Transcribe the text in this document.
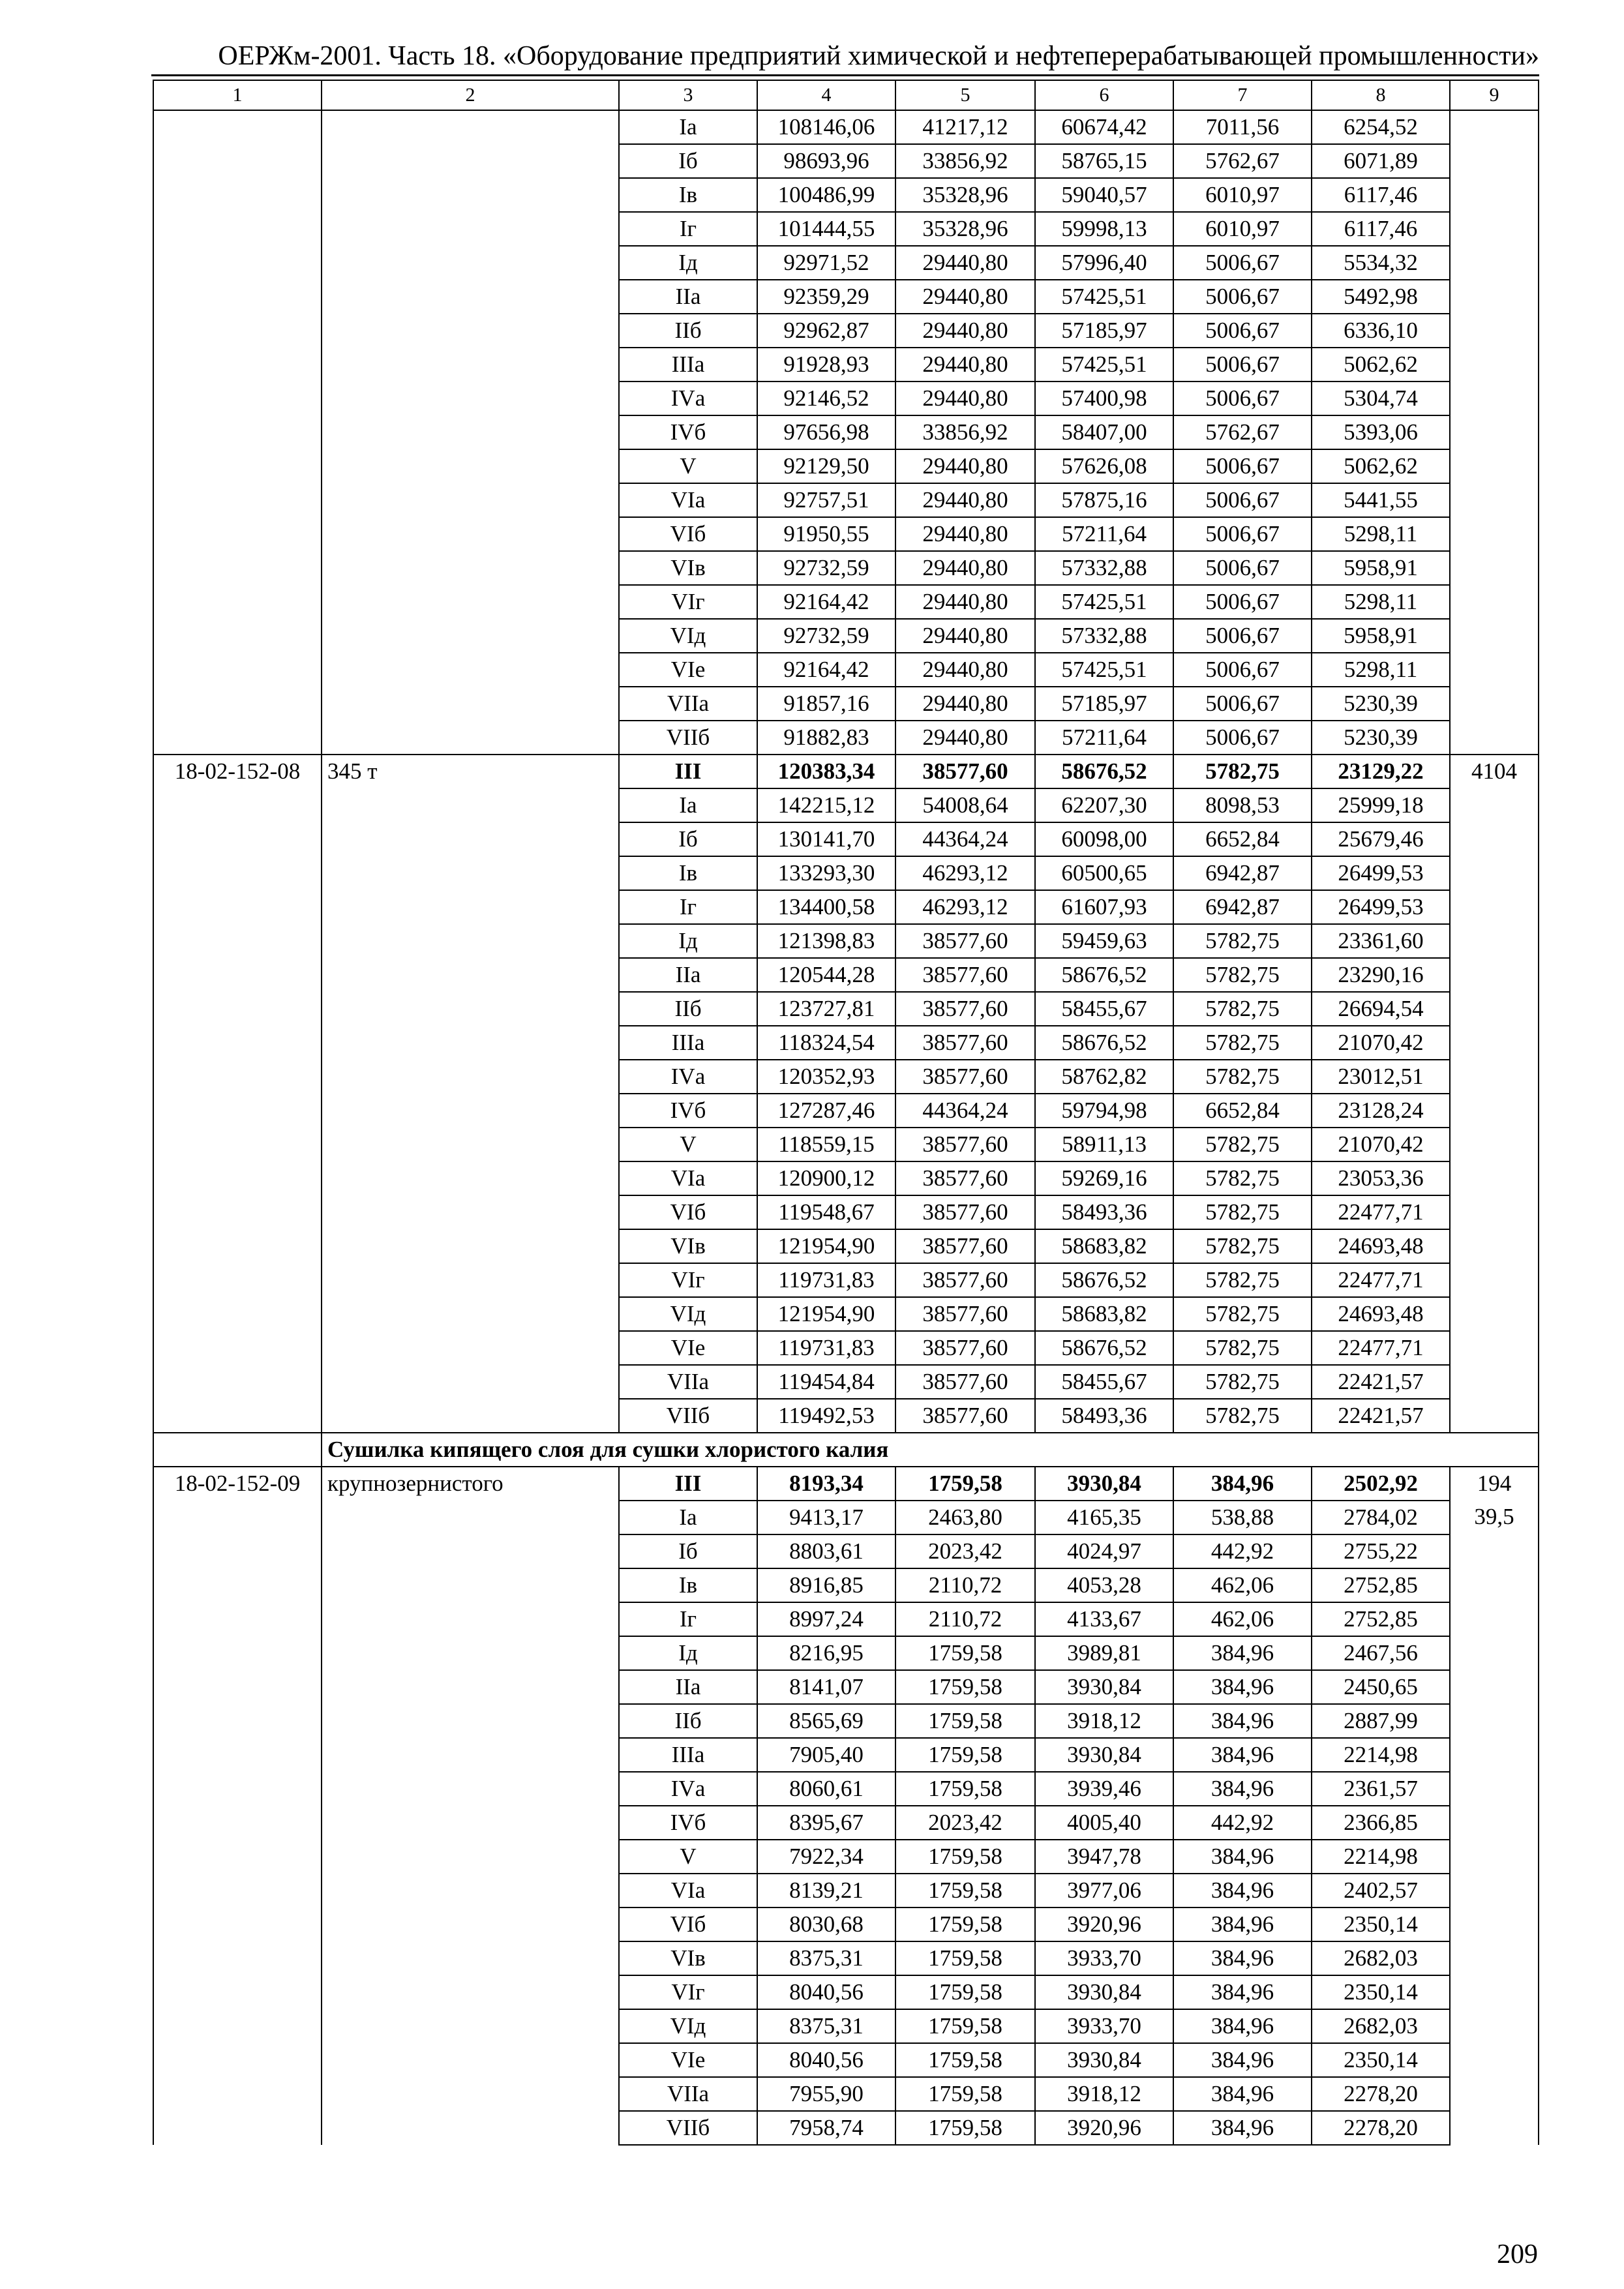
ОЕРЖм-2001. Часть 18. «Оборудование предприятий химической и нефтеперерабатывающей промышленности»
1	2	3	4	5	6	7	8	9
		Iа	108146,06	41217,12	60674,42	7011,56	6254,52	
		Iб	98693,96	33856,92	58765,15	5762,67	6071,89	
		Iв	100486,99	35328,96	59040,57	6010,97	6117,46	
		Iг	101444,55	35328,96	59998,13	6010,97	6117,46	
		Iд	92971,52	29440,80	57996,40	5006,67	5534,32	
		IIа	92359,29	29440,80	57425,51	5006,67	5492,98	
		IIб	92962,87	29440,80	57185,97	5006,67	6336,10	
		IIIа	91928,93	29440,80	57425,51	5006,67	5062,62	
		IVа	92146,52	29440,80	57400,98	5006,67	5304,74	
		IVб	97656,98	33856,92	58407,00	5762,67	5393,06	
		V	92129,50	29440,80	57626,08	5006,67	5062,62	
		VIа	92757,51	29440,80	57875,16	5006,67	5441,55	
		VIб	91950,55	29440,80	57211,64	5006,67	5298,11	
		VIв	92732,59	29440,80	57332,88	5006,67	5958,91	
		VIг	92164,42	29440,80	57425,51	5006,67	5298,11	
		VIд	92732,59	29440,80	57332,88	5006,67	5958,91	
		VIе	92164,42	29440,80	57425,51	5006,67	5298,11	
		VIIа	91857,16	29440,80	57185,97	5006,67	5230,39	
		VIIб	91882,83	29440,80	57211,64	5006,67	5230,39	
18-02-152-08	345 т	III	120383,34	38577,60	58676,52	5782,75	23129,22	4104
		Iа	142215,12	54008,64	62207,30	8098,53	25999,18	
		Iб	130141,70	44364,24	60098,00	6652,84	25679,46	
		Iв	133293,30	46293,12	60500,65	6942,87	26499,53	
		Iг	134400,58	46293,12	61607,93	6942,87	26499,53	
		Iд	121398,83	38577,60	59459,63	5782,75	23361,60	
		IIа	120544,28	38577,60	58676,52	5782,75	23290,16	
		IIб	123727,81	38577,60	58455,67	5782,75	26694,54	
		IIIа	118324,54	38577,60	58676,52	5782,75	21070,42	
		IVа	120352,93	38577,60	58762,82	5782,75	23012,51	
		IVб	127287,46	44364,24	59794,98	6652,84	23128,24	
		V	118559,15	38577,60	58911,13	5782,75	21070,42	
		VIа	120900,12	38577,60	59269,16	5782,75	23053,36	
		VIб	119548,67	38577,60	58493,36	5782,75	22477,71	
		VIв	121954,90	38577,60	58683,82	5782,75	24693,48	
		VIг	119731,83	38577,60	58676,52	5782,75	22477,71	
		VIд	121954,90	38577,60	58683,82	5782,75	24693,48	
		VIе	119731,83	38577,60	58676,52	5782,75	22477,71	
		VIIа	119454,84	38577,60	58455,67	5782,75	22421,57	
		VIIб	119492,53	38577,60	58493,36	5782,75	22421,57	
	Сушилка кипящего слоя для сушки хлористого калия							
18-02-152-09	крупнозернистого	III	8193,34	1759,58	3930,84	384,96	2502,92	194
		Iа	9413,17	2463,80	4165,35	538,88	2784,02	39,5
		Iб	8803,61	2023,42	4024,97	442,92	2755,22	
		Iв	8916,85	2110,72	4053,28	462,06	2752,85	
		Iг	8997,24	2110,72	4133,67	462,06	2752,85	
		Iд	8216,95	1759,58	3989,81	384,96	2467,56	
		IIа	8141,07	1759,58	3930,84	384,96	2450,65	
		IIб	8565,69	1759,58	3918,12	384,96	2887,99	
		IIIа	7905,40	1759,58	3930,84	384,96	2214,98	
		IVа	8060,61	1759,58	3939,46	384,96	2361,57	
		IVб	8395,67	2023,42	4005,40	442,92	2366,85	
		V	7922,34	1759,58	3947,78	384,96	2214,98	
		VIа	8139,21	1759,58	3977,06	384,96	2402,57	
		VIб	8030,68	1759,58	3920,96	384,96	2350,14	
		VIв	8375,31	1759,58	3933,70	384,96	2682,03	
		VIг	8040,56	1759,58	3930,84	384,96	2350,14	
		VIд	8375,31	1759,58	3933,70	384,96	2682,03	
		VIе	8040,56	1759,58	3930,84	384,96	2350,14	
		VIIа	7955,90	1759,58	3918,12	384,96	2278,20	
		VIIб	7958,74	1759,58	3920,96	384,96	2278,20	
209
